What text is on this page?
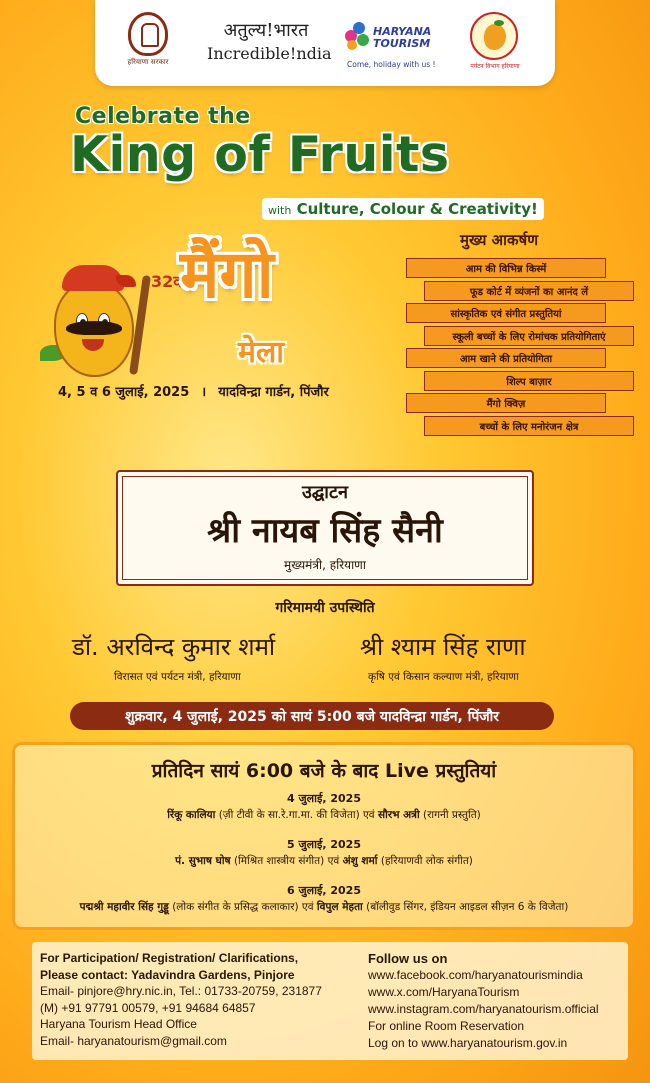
हरियाणा सरकार
अतुल्य!भारत
Incredible!ndia
HARYANA TOURISM
Come, holiday with us !	पर्यटन विभाग हरियाणा
Celebrate the
King of Fruits
with Culture, Colour & Creativity!
32वां
मैंगो
मेला
4, 5 व 6 जुलाई, 2025 । यादविन्द्रा गार्डन, पिंजौर
मुख्य आकर्षण
आम की विभिन्न किस्में
फूड कोर्ट में व्यंजनों का आनंद लें
सांस्कृतिक एवं संगीत प्रस्तुतियां
स्कूली बच्चों के लिए रोमांचक प्रतियोगिताएं
आम खाने की प्रतियोगिता
शिल्प बाज़ार
मैंगो क्विज़
बच्चों के लिए मनोरंजन क्षेत्र
उद्घाटन
श्री नायब सिंह सैनी
मुख्यमंत्री, हरियाणा
गरिमामयी उपस्थिति
डॉ. अरविन्द कुमार शर्मा
विरासत एवं पर्यटन मंत्री, हरियाणा
श्री श्याम सिंह राणा
कृषि एवं किसान कल्याण मंत्री, हरियाणा
शुक्रवार, 4 जुलाई, 2025 को सायं 5:00 बजे यादविन्द्रा गार्डन, पिंजौर
प्रतिदिन सायं 6:00 बजे के बाद Live प्रस्तुतियां
4 जुलाई, 2025
रिंकू कालिया (ज़ी टीवी के सा.रे.गा.मा. की विजेता) एवं सौरभ अत्री (रागनी प्रस्तुति)
5 जुलाई, 2025
पं. सुभाष घोष (मिश्रित शास्त्रीय संगीत) एवं अंशु शर्मा (हरियाणवी लोक संगीत)
6 जुलाई, 2025
पद्मश्री महावीर सिंह गुड्डू (लोक संगीत के प्रसिद्ध कलाकार) एवं विपुल मेहता (बॉलीवुड सिंगर, इंडियन आइडल सीज़न 6 के विजेता)
For Participation/ Registration/ Clarifications,
Please contact: Yadavindra Gardens, Pinjore
Email- pinjore@hry.nic.in, Tel.: 01733-20759, 231877
(M) +91 97791 00579, +91 94684 64857
Haryana Tourism Head Office
Email- haryanatourism@gmail.com
Follow us on
www.facebook.com/haryanatourismindia
www.x.com/HaryanaTourism
www.instagram.com/haryanatourism.official
For online Room Reservation
Log on to www.haryanatourism.gov.in
